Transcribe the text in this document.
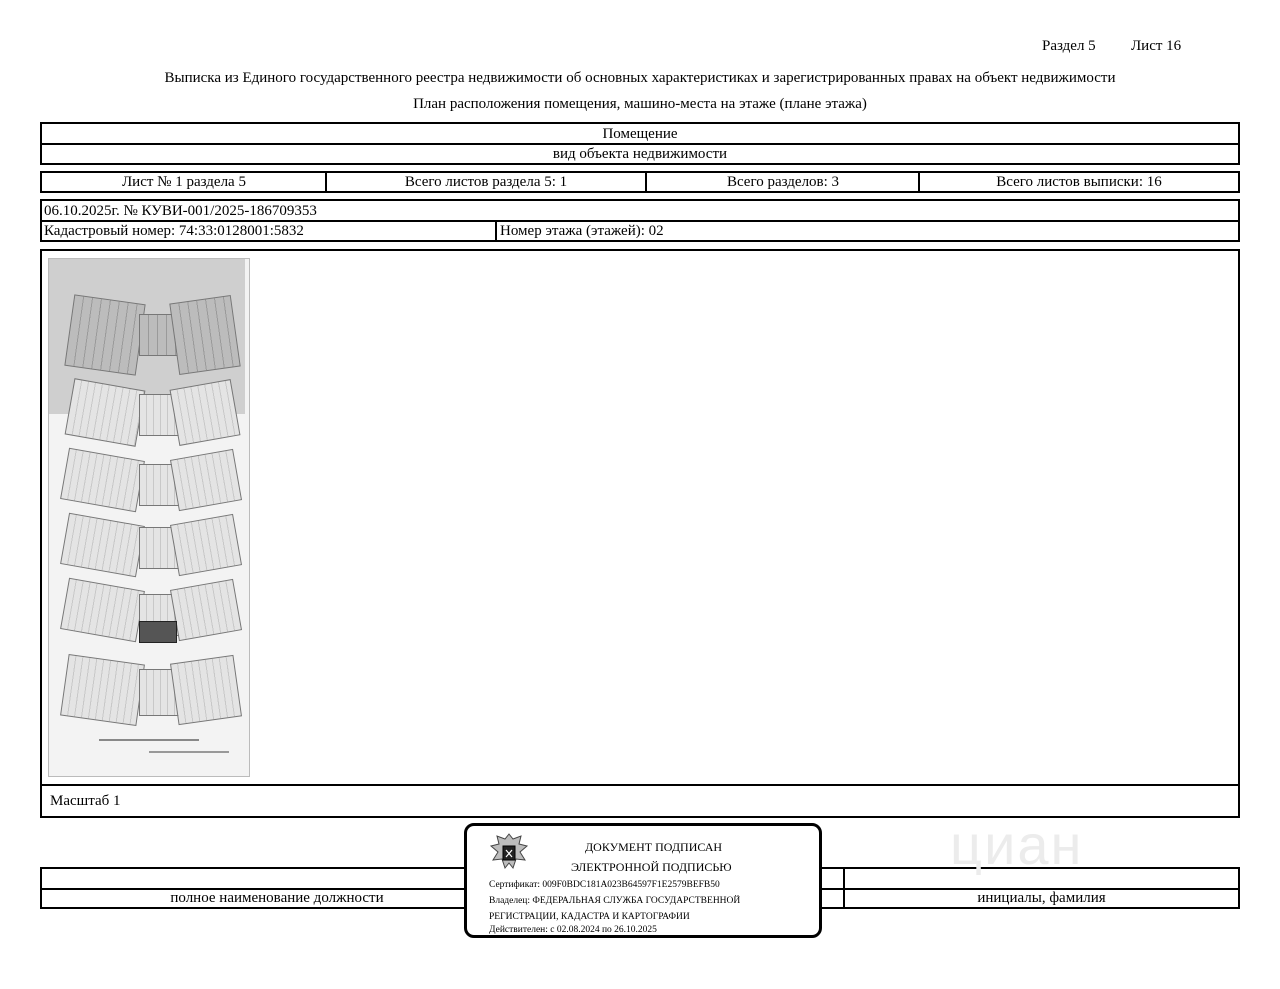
Раздел 5 Лист 16
Выписка из Единого государственного реестра недвижимости об основных характеристиках и зарегистрированных правах на объект недвижимости
План расположения помещения, машино-места на этаже (плане этажа)
Помещение
вид объекта недвижимости
Лист № 1 раздела 5	Всего листов раздела 5: 1	Всего разделов: 3	Всего листов выписки: 16
06.10.2025г. № КУВИ-001/2025-186709353
Кадастровый номер: 74:33:0128001:5832	Номер этажа (этажей): 02
Масштаб 1
полное наименование должности	инициалы, фамилия
циан
ДОКУМЕНТ ПОДПИСАН
ЭЛЕКТРОННОЙ ПОДПИСЬЮ
Сертификат: 009F0BDC181A023B64597F1E2579BEFB50
Владелец: ФЕДЕРАЛЬНАЯ СЛУЖБА ГОСУДАРСТВЕННОЙ
РЕГИСТРАЦИИ, КАДАСТРА И КАРТОГРАФИИ
Действителен: с 02.08.2024 по 26.10.2025
